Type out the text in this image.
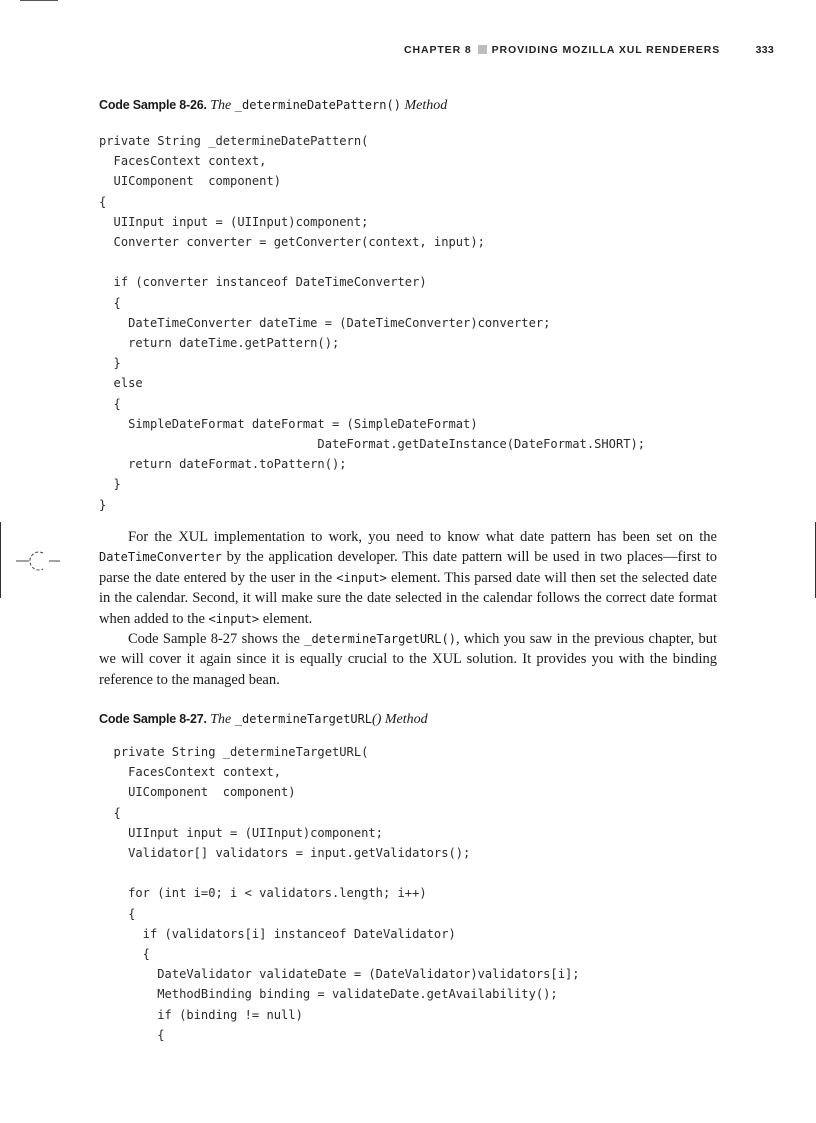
CHAPTER 8 PROVIDING MOZILLA XUL RENDERERS	333
Code Sample 8-26. The _determineDatePattern() Method
private String _determineDatePattern(
FacesContext context,
UIComponent  component)
{
UIInput input = (UIInput)component;
Converter converter = getConverter(context, input);

if (converter instanceof DateTimeConverter)
{
DateTimeConverter dateTime = (DateTimeConverter)converter;
return dateTime.getPattern();
}
else
{
SimpleDateFormat dateFormat = (SimpleDateFormat)
DateFormat.getDateInstance(DateFormat.SHORT);
return dateFormat.toPattern();
}
}

For the XUL implementation to work, you need to know what date pattern has been set on the DateTimeConverter by the application developer. This date pattern will be used in two places—first to parse the date entered by the user in the <input> element. This parsed date will then set the selected date in the calendar. Second, it will make sure the date selected in the calendar follows the correct date format when added to the <input> element.

Code Sample 8-27 shows the _determineTargetURL(), which you saw in the previous chapter, but we will cover it again since it is equally crucial to the XUL solution. It provides you with the binding reference to the managed bean.

Code Sample 8-27. The _determineTargetURL() Method
private String _determineTargetURL(
FacesContext context,
UIComponent  component)
{
UIInput input = (UIInput)component;
Validator[] validators = input.getValidators();

for (int i=0; i < validators.length; i++)
{
if (validators[i] instanceof DateValidator)
{
DateValidator validateDate = (DateValidator)validators[i];
MethodBinding binding = validateDate.getAvailability();
if (binding != null)
{
